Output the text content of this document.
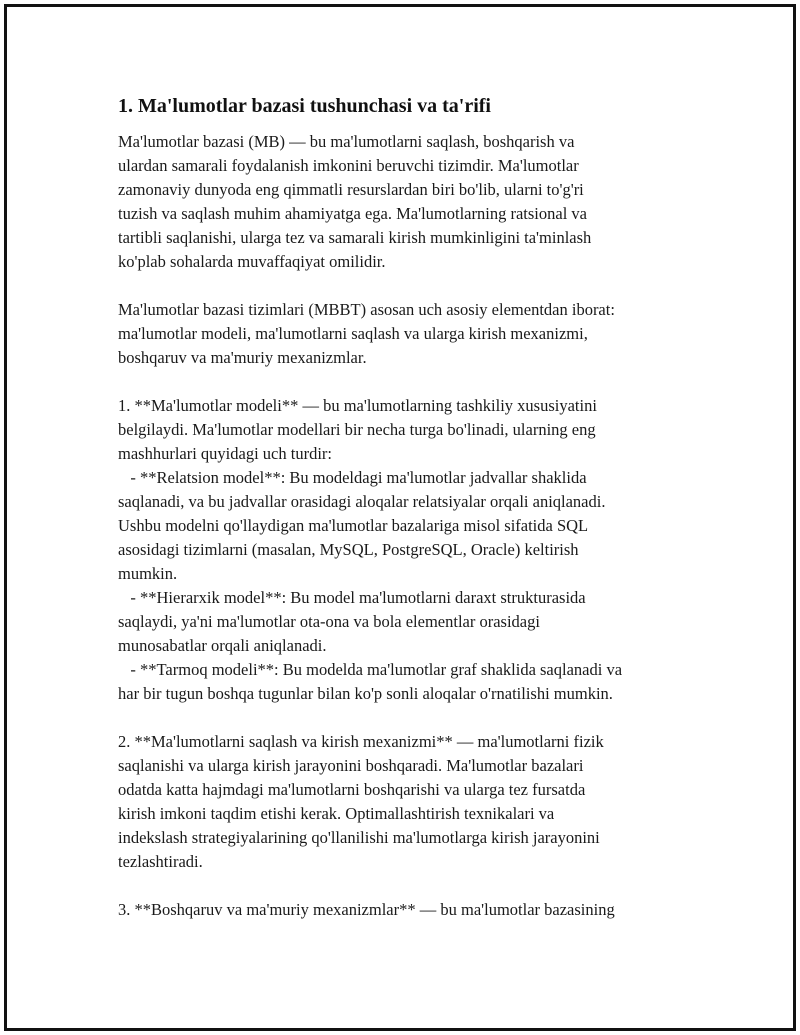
1. Ma'lumotlar bazasi tushunchasi va ta'rifi
Ma'lumotlar bazasi (MB) — bu ma'lumotlarni saqlash, boshqarish va
ulardan samarali foydalanish imkonini beruvchi tizimdir. Ma'lumotlar
zamonaviy dunyoda eng qimmatli resurslardan biri bo'lib, ularni to'g'ri
tuzish va saqlash muhim ahamiyatga ega. Ma'lumotlarning ratsional va
tartibli saqlanishi, ularga tez va samarali kirish mumkinligini ta'minlash
ko'plab sohalarda muvaffaqiyat omilidir.
Ma'lumotlar bazasi tizimlari (MBBT) asosan uch asosiy elementdan iborat:
ma'lumotlar modeli, ma'lumotlarni saqlash va ularga kirish mexanizmi,
boshqaruv va ma'muriy mexanizmlar.
1. **Ma'lumotlar modeli** — bu ma'lumotlarning tashkiliy xususiyatini
belgilaydi. Ma'lumotlar modellari bir necha turga bo'linadi, ularning eng
mashhurlari quyidagi uch turdir:
- **Relatsion model**: Bu modeldagi ma'lumotlar jadvallar shaklida
saqlanadi, va bu jadvallar orasidagi aloqalar relatsiyalar orqali aniqlanadi.
Ushbu modelni qo'llaydigan ma'lumotlar bazalariga misol sifatida SQL
asosidagi tizimlarni (masalan, MySQL, PostgreSQL, Oracle) keltirish
mumkin.
- **Hierarxik model**: Bu model ma'lumotlarni daraxt strukturasida
saqlaydi, ya'ni ma'lumotlar ota-ona va bola elementlar orasidagi
munosabatlar orqali aniqlanadi.
- **Tarmoq modeli**: Bu modelda ma'lumotlar graf shaklida saqlanadi va
har bir tugun boshqa tugunlar bilan ko'p sonli aloqalar o'rnatilishi mumkin.
2. **Ma'lumotlarni saqlash va kirish mexanizmi** — ma'lumotlarni fizik
saqlanishi va ularga kirish jarayonini boshqaradi. Ma'lumotlar bazalari
odatda katta hajmdagi ma'lumotlarni boshqarishi va ularga tez fursatda
kirish imkoni taqdim etishi kerak. Optimallashtirish texnikalari va
indekslash strategiyalarining qo'llanilishi ma'lumotlarga kirish jarayonini
tezlashtiradi.
3. **Boshqaruv va ma'muriy mexanizmlar** — bu ma'lumotlar bazasining
